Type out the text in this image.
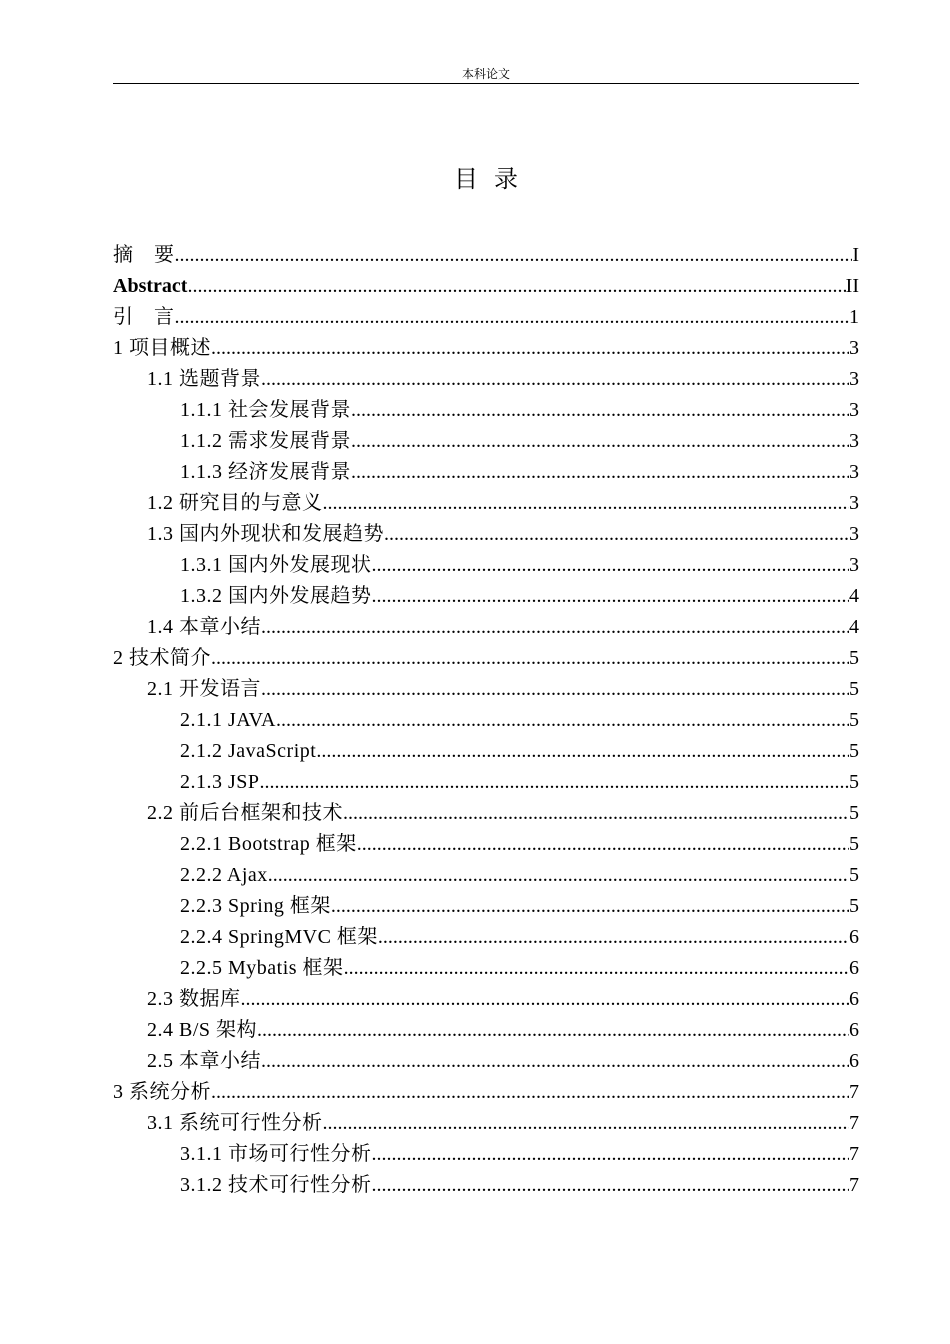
本科论文
目录
摘　要 .....	I
Abstract .....	II
引　言 .....	1
1 项目概述 .....	3
1.1 选题背景 .....	3
1.1.1 社会发展背景 .....	3
1.1.2 需求发展背景 .....	3
1.1.3 经济发展背景 .....	3
1.2 研究目的与意义 .....	3
1.3 国内外现状和发展趋势 .....	3
1.3.1 国内外发展现状 .....	3
1.3.2 国内外发展趋势 .....	4
1.4 本章小结 .....	4
2 技术简介 .....	5
2.1 开发语言 .....	5
2.1.1 JAVA .....	5
2.1.2 JavaScript .....	5
2.1.3 JSP .....	5
2.2 前后台框架和技术 .....	5
2.2.1 Bootstrap 框架 .....	5
2.2.2 Ajax .....	5
2.2.3 Spring 框架 .....	5
2.2.4 SpringMVC 框架 .....	6
2.2.5 Mybatis 框架 .....	6
2.3 数据库 .....	6
2.4 B/S 架构 .....	6
2.5 本章小结 .....	6
3 系统分析 .....	7
3.1 系统可行性分析 .....	7
3.1.1 市场可行性分析 .....	7
3.1.2 技术可行性分析 .....	7
